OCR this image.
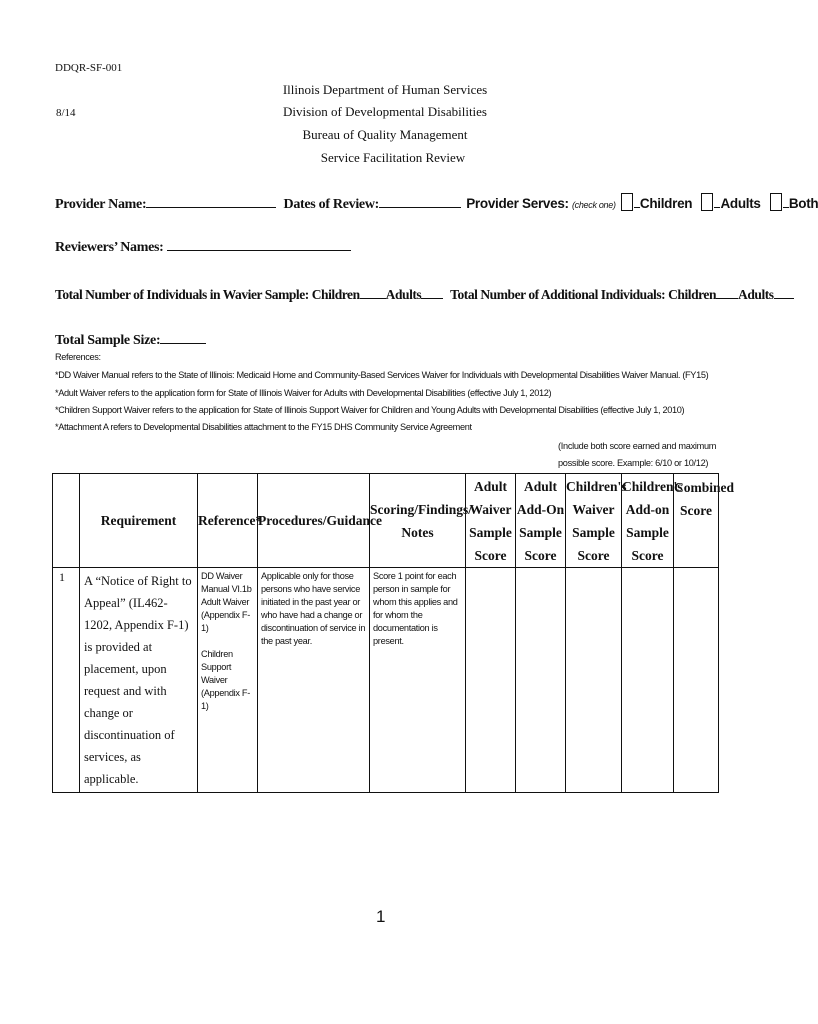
DDQR-SF-001
8/14
Illinois Department of Human Services
Division of Developmental Disabilities
Bureau of Quality Management
Service Facilitation Review
Provider Name:	Dates of Review:	Provider Serves: (check one) Children Adults Both
Reviewers’ Names:
Total Number of Individuals in Wavier Sample: Children Adults Total Number of Additional Individuals: Children Adults
Total Sample Size:
References:
*DD Waiver Manual refers to the State of Illinois: Medicaid Home and Community-Based Services Waiver for Individuals with Developmental Disabilities Waiver Manual. (FY15)
*Adult Waiver refers to the application form for State of Illinois Waiver for Adults with Developmental Disabilities (effective July 1, 2012)
*Children Support Waiver refers to the application for State of Illinois Support Waiver for Children and Young Adults with Developmental Disabilities (effective July 1, 2010)
*Attachment A refers to Developmental Disabilities attachment to the FY15 DHS Community Service Agreement
(Include both score earned and maximum
possible score. Example: 6/10 or 10/12)
	Requirement	Reference*	Procedures/Guidance	Scoring/Findings/ Notes	Adult Waiver Sample Score	Adult Add-On Sample Score	Children's Waiver Sample Score	Children's Add-on Sample Score	Combined Score
1	A “Notice of Right to Appeal” (IL462-1202, Appendix F-1) is provided at placement, upon request and with change or discontinuation of services, as applicable.	DD Waiver Manual VI.1b Adult Waiver (Appendix F-1)
Children Support Waiver (Appendix F-1)	Applicable only for those persons who have service initiated in the past year or who have had a change or discontinuation of service in the past year.	Score 1 point for each person in sample for whom this applies and for whom the documentation is present.					
1
